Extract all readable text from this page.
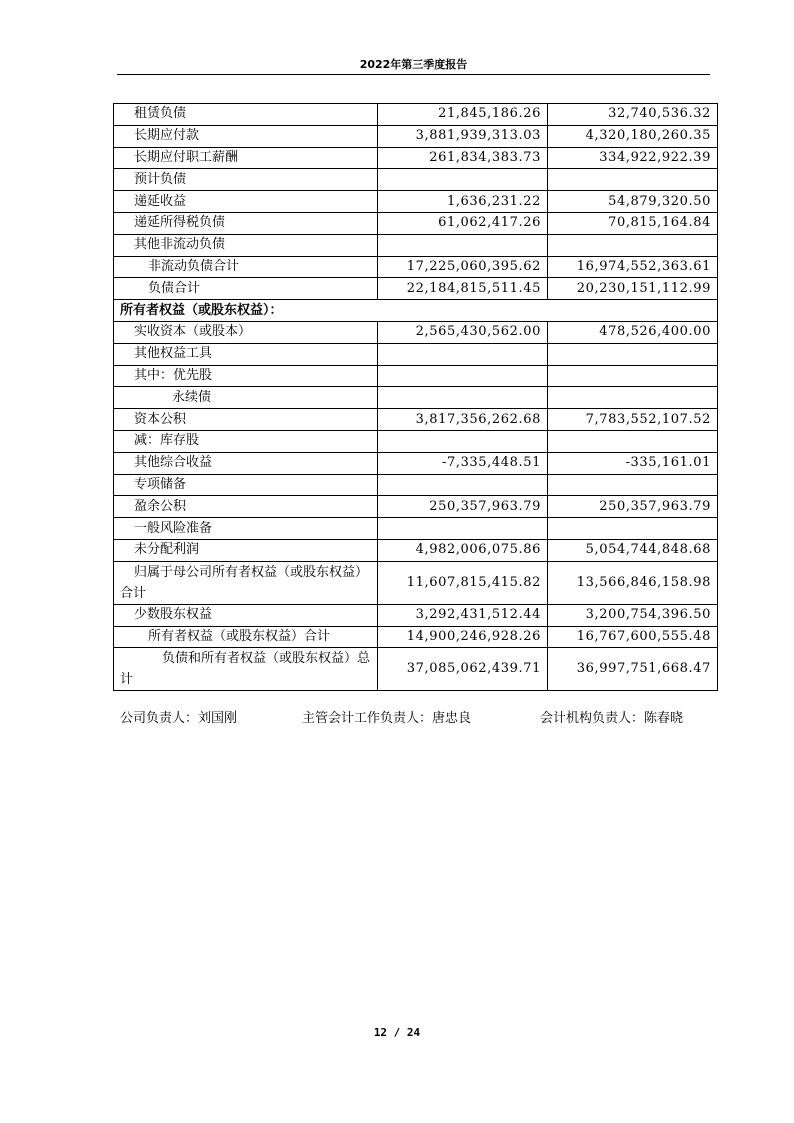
2022年第三季度报告
租赁负债	21,845,186.26	32,740,536.32
长期应付款	3,881,939,313.03	4,320,180,260.35
长期应付职工薪酬	261,834,383.73	334,922,922.39
预计负债		
递延收益	1,636,231.22	54,879,320.50
递延所得税负债	61,062,417.26	70,815,164.84
其他非流动负债		
非流动负债合计	17,225,060,395.62	16,974,552,363.61
负债合计	22,184,815,511.45	20,230,151,112.99
所有者权益（或股东权益）：		
实收资本（或股本）	2,565,430,562.00	478,526,400.00
其他权益工具		
其中：优先股		
永续债		
资本公积	3,817,356,262.68	7,783,552,107.52
减：库存股		
其他综合收益	-7,335,448.51	-335,161.01
专项储备		
盈余公积	250,357,963.79	250,357,963.79
一般风险准备		
未分配利润	4,982,006,075.86	5,054,744,848.68
归属于母公司所有者权益（或股东权益）合计	11,607,815,415.82	13,566,846,158.98
少数股东权益	3,292,431,512.44	3,200,754,396.50
所有者权益（或股东权益）合计	14,900,246,928.26	16,767,600,555.48
负债和所有者权益（或股东权益）总计	37,085,062,439.71	36,997,751,668.47
公司负责人：刘国刚	主管会计工作负责人：唐忠良	会计机构负责人：陈春晓
12 / 24
